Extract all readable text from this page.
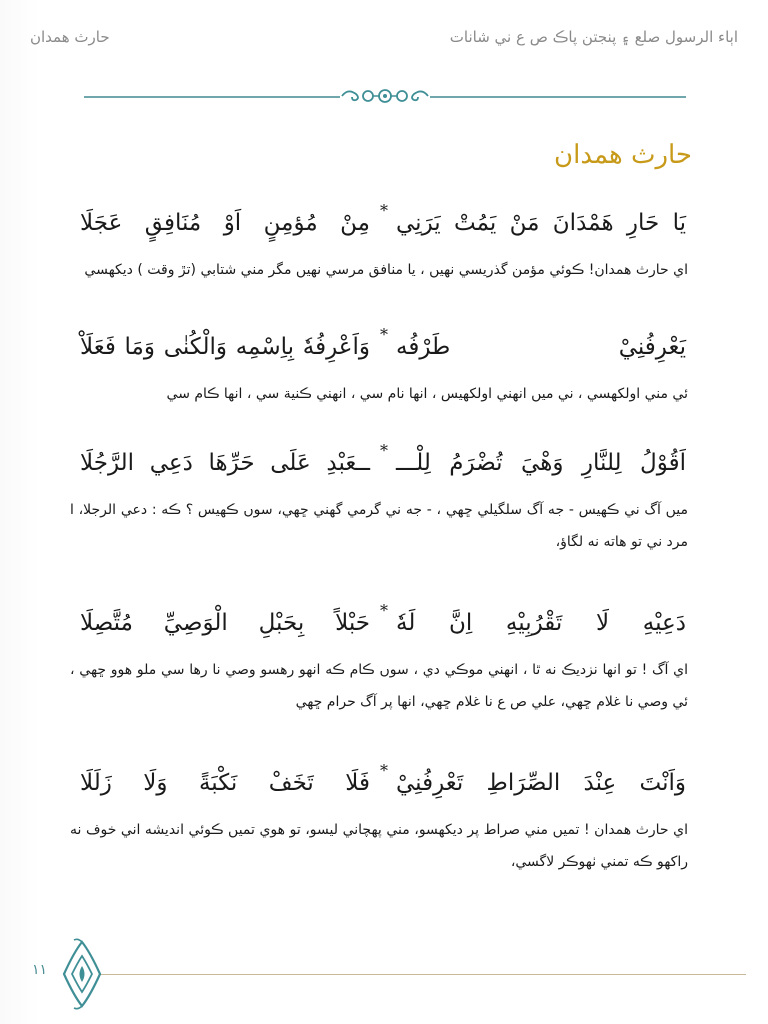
اٻاء الرسول صلع ۽ پنجتن پاڪ ص ع ني شانات
حارث همدان
حارث همدان
يَا حَارِ هَمْدَانَ مَنْ يَمُتْ يَرَنِي
*
مِنْ مُؤمِنٍ اَوْ مُنَافِقٍ عَجَلَا
اي حارث همدان! ڪوئي مؤمن گذريسي نهيں ، يا منافق مرسي نهيں مگر مني شتابي (تڙ وقت ) ديکهسي
يَعْرِفُنِيْ طَرْفُه
*
وَاَعْرِفُهٗ بِاِسْمِه وَالْكُنٰى وَمَا فَعَلَاْ
ئي مني اولکهسي ، ني ميں انهني اولکهيس ، انها نام سي ، انهني ڪنية سي ، انها ڪام سي
اَقُوْلُ لِلنَّارِ وَهْيَ تُضْرَمُ لِلْـــ
*
ــعَبْدِ عَلَى حَرِّهَا دَعِي الرَّجُلَا
ميں آگ ني ڪهيس - جه آگ سلگيلي ڇهي ، - جه ني گرمي گهني ڇهي، سوں ڪهيس ؟ ڪه : دعي الرجلا، ا مرد ني تو هاته نه لگاؤ،
دَعِيْهِ لَا تَقْرُبِيْهِ اِنَّ لَهٗ
*
حَبْلاً بِحَبْلِ الْوَصِيِّ مُتَّصِلَا
اي آگ ! تو انها نزديڪ نه ٿا ، انهني موڪي دي ، سوں ڪام ڪه انهو رهسو وصي نا رها سي ملو هوو ڇهي ، ئي وصي نا غلام ڇهي، علي ص ع نا غلام ڇهي، انها پر آگ حرام ڇهي
وَاَنْتَ عِنْدَ الصِّرَاطِ تَعْرِفُنِيْ
*
فَلَا تَخَفْ نَكْبَةً وَلَا زَلَلَا
اي حارث همدان ! تميں مني صراط پر ديکهسو، مني پهچاني ليسو، تو هوي تميں ڪوئي انديشه اني خوف نه راکهو ڪه تمني ٺهوڪر لاگسي،
١١
